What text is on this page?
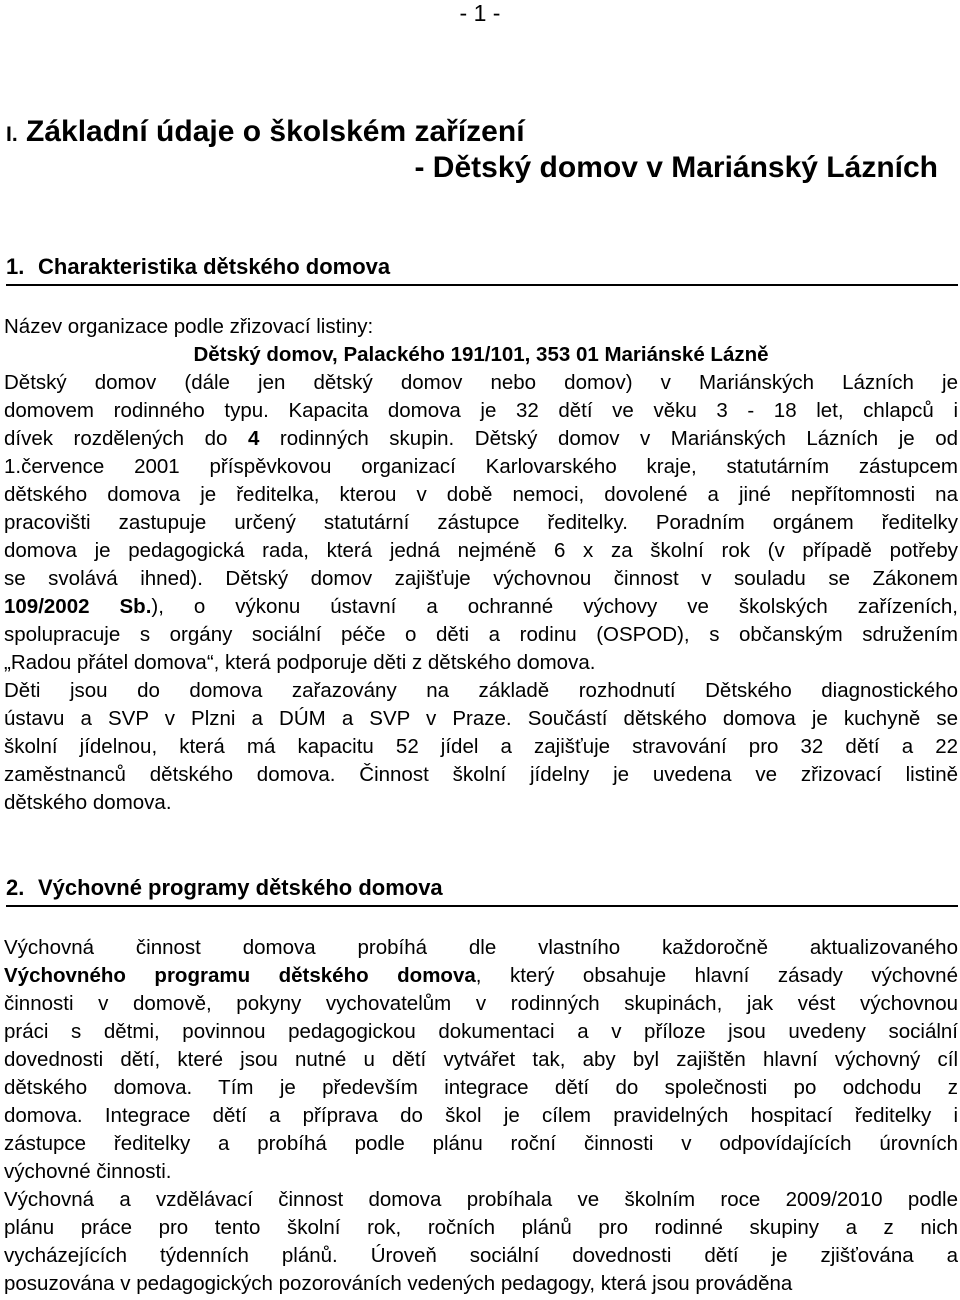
- 1 -
I. Základní údaje o školském zařízení
- Dětský domov v Mariánský Lázních
1. Charakteristika dětského domova
Název organizace podle zřizovací listiny:
Dětský domov, Palackého 191/101, 353 01 Mariánské Lázně
Dětský domov (dále jen dětský domov nebo domov) v Mariánských Lázních je
domovem rodinného typu. Kapacita domova je 32 dětí ve věku 3 - 18 let, chlapců i
dívek rozdělených do 4 rodinných skupin. Dětský domov v Mariánských Lázních je od
1.července 2001 příspěvkovou organizací Karlovarského kraje, statutárním zástupcem
dětského domova je ředitelka, kterou v době nemoci, dovolené a jiné nepřítomnosti na
pracovišti zastupuje určený statutární zástupce ředitelky. Poradním orgánem ředitelky
domova je pedagogická rada, která jedná nejméně 6 x za školní rok (v případě potřeby
se svolává ihned). Dětský domov zajišťuje výchovnou činnost v souladu se Zákonem
109/2002 Sb.), o výkonu ústavní a ochranné výchovy ve školských zařízeních,
spolupracuje s orgány sociální péče o děti a rodinu (OSPOD), s občanským sdružením
„Radou přátel domova“, která podporuje děti z dětského domova.
Děti jsou do domova zařazovány na základě rozhodnutí Dětského diagnostického
ústavu a SVP v Plzni a DÚM a SVP v Praze. Součástí dětského domova je kuchyně se
školní jídelnou, která má kapacitu 52 jídel a zajišťuje stravování pro 32 dětí a 22
zaměstnanců dětského domova. Činnost školní jídelny je uvedena ve zřizovací listině
dětského domova.
2. Výchovné programy dětského domova
Výchovná činnost domova probíhá dle vlastního každoročně aktualizovaného
Výchovného programu dětského domova, který obsahuje hlavní zásady výchovné
činnosti v domově, pokyny vychovatelům v rodinných skupinách, jak vést výchovnou
práci s dětmi, povinnou pedagogickou dokumentaci a v příloze jsou uvedeny sociální
dovednosti dětí, které jsou nutné u dětí vytvářet tak, aby byl zajištěn hlavní výchovný cíl
dětského domova. Tím je především integrace dětí do společnosti po odchodu z
domova. Integrace dětí a příprava do škol je cílem pravidelných hospitací ředitelky i
zástupce ředitelky a probíhá podle plánu roční činnosti v odpovídajících úrovních
výchovné činnosti.
Výchovná a vzdělávací činnost domova probíhala ve školním roce 2009/2010 podle
plánu práce pro tento školní rok, ročních plánů pro rodinné skupiny a z nich
vycházejících týdenních plánů. Úroveň sociální dovednosti dětí je zjišťována a
posuzována v pedagogických pozorováních vedených pedagogy, která jsou prováděna
